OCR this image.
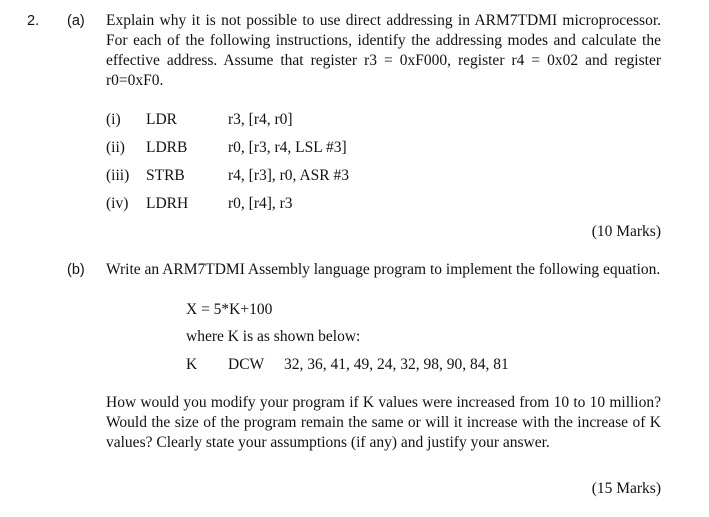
2. (a) Explain why it is not possible to use direct addressing in ARM7TDMI microprocessor. For each of the following instructions, identify the addressing modes and calculate the effective address. Assume that register r3 = 0xF000, register r4 = 0x02 and register r0=0xF0.
(i) LDR	r3, [r4, r0]
(ii) LDRB	r0, [r3, r4, LSL #3]
(iii) STRB	r4, [r3], r0, ASR #3
(iv) LDRH	r0, [r4], r3
(10 Marks)
(b) Write an ARM7TDMI Assembly language program to implement the following equation.
X = 5*K+100
where K is as shown below:
K DCW 32, 36, 41, 49, 24, 32, 98, 90, 84, 81
How would you modify your program if K values were increased from 10 to 10 million? Would the size of the program remain the same or will it increase with the increase of K values? Clearly state your assumptions (if any) and justify your answer.
(15 Marks)
